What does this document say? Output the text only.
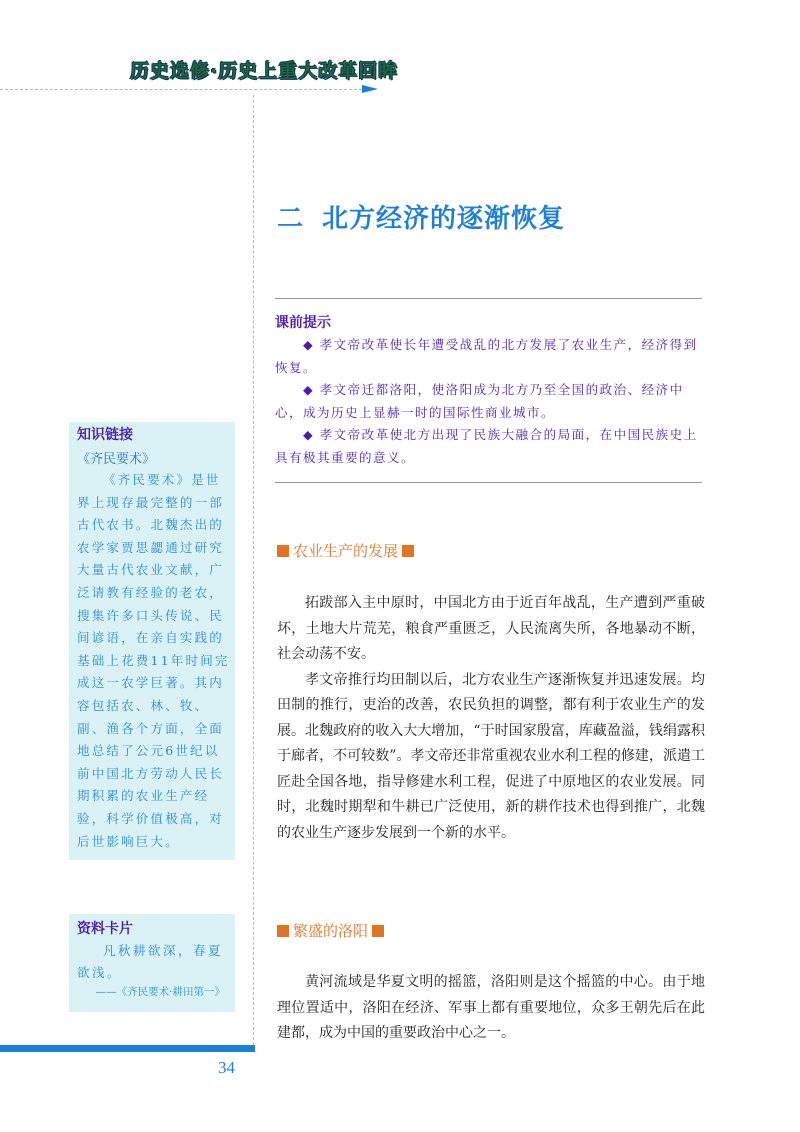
历史选修·历史上重大改革回眸
二 北方经济的逐渐恢复
课前提示

◆ 孝文帝改革使长年遭受战乱的北方发展了农业生产，经济得到恢复。

◆ 孝文帝迁都洛阳，使洛阳成为北方乃至全国的政治、经济中心，成为历史上显赫一时的国际性商业城市。

◆ 孝文帝改革使北方出现了民族大融合的局面，在中国民族史上具有极其重要的意义。

知识链接
《齐民要术》
《齐民要术》是世界上现存最完整的一部古代农书。北魏杰出的农学家贾思勰通过研究大量古代农业文献，广泛请教有经验的老农，搜集许多口头传说、民间谚语，在亲自实践的基础上花费11年时间完成这一农学巨著。其内容包括农、林、牧、副、渔各个方面，全面地总结了公元6世纪以前中国北方劳动人民长期积累的农业生产经验，科学价值极高，对后世影响巨大。
资料卡片
凡秋耕欲深，春夏欲浅。
——《齐民要术·耕田第一》
农业生产的发展

拓跋部入主中原时，中国北方由于近百年战乱，生产遭到严重破坏，土地大片荒芜，粮食严重匮乏，人民流离失所，各地暴动不断，社会动荡不安。

孝文帝推行均田制以后，北方农业生产逐渐恢复并迅速发展。均田制的推行，吏治的改善，农民负担的调整，都有利于农业生产的发展。北魏政府的收入大大增加，“于时国家殷富，库藏盈溢，钱绢露积于廊者，不可较数”。孝文帝还非常重视农业水利工程的修建，派遣工匠赴全国各地，指导修建水利工程，促进了中原地区的农业发展。同时，北魏时期犁和牛耕已广泛使用，新的耕作技术也得到推广，北魏的农业生产逐步发展到一个新的水平。

繁盛的洛阳

黄河流域是华夏文明的摇篮，洛阳则是这个摇篮的中心。由于地理位置适中，洛阳在经济、军事上都有重要地位，众多王朝先后在此建都，成为中国的重要政治中心之一。

34
